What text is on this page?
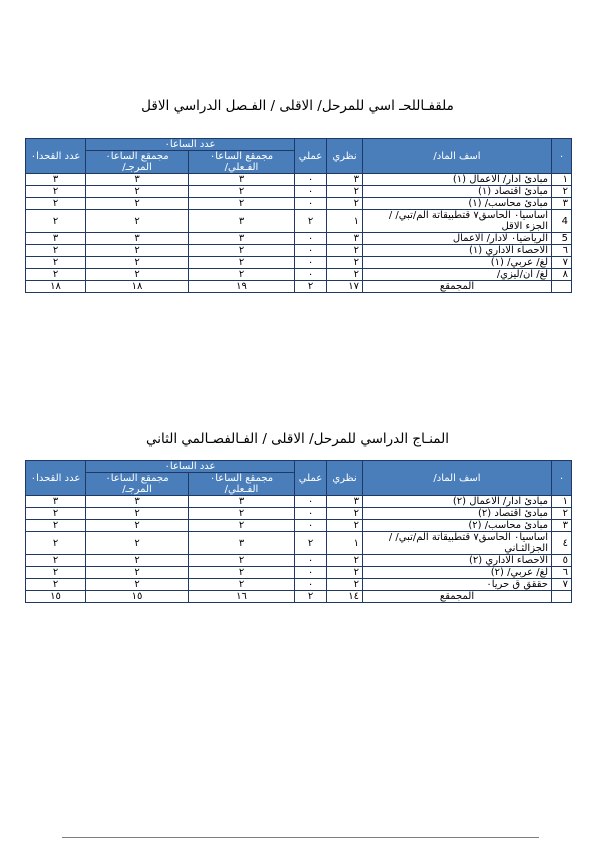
ملقفـاللحـ اسي للمرحل/ الاقلى / الفـصل الدراسي الاقل
٠	اسف الماد/	نظري	عملي	عدد الساعا٠		عدد القحدا٠
				مجمقع الساعا٠ الفـعلي/	مجمقع الساعا٠ المرجـ/	
١	مبادئ ادار/ الاعمال (١)	٣	٠	٣	٣	٣
٢	مبادئ اقتصاد (١)	٢	٠	٢	٢	٢
٣	مبادئ محاسب/ (١)	٢	٠	٢	٢	٢
4	اساسيا٠ الحاسق٧ قتطبيقاتة الم/تبي/ / الجزء الاقل	١	٢	٣	٢	٢
5	الرياضيا٠ لادار/ الاعمال	٣	٠	٣	٣	٣
٦	الاحصاء الاداري (١)	٢	٠	٢	٢	٢
٧	لغ/ عربي/ (١)	٢	٠	٢	٢	٢
٨	لغ/ ان/ليزي/	٢	٠	٢	٢	٢
	المجمقع	١٧	٢	١٩	١٨	١٨
المنـاج الدراسي للمرحل/ الاقلى / الفـالفصـالمي الثاني
٠	اسف الماد/	نظري	عملي	عدد الساعا٠		عدد القحدا٠
				مجمقع الساعا٠ الفـعلي/	مجمقع الساعا٠ المرجـ/	
١	مبادئ ادار/ الاعمال (٢)	٣	٠	٣	٣	٣
٢	مبادئ اقتصاد (٢)	٢	٠	٢	٢	٢
٣	مبادئ محاسب/ (٢)	٢	٠	٢	٢	٢
٤	اساسيا٠ الحاسق٧ قتطبيقاتة الم/تبي/ / الجزالثـاني	١	٢	٣	٢	٢
٥	الاحصاء الاداري (٢)	٢	٠	٢	٢	٢
٦	لغ/ عربي/ (٢)	٢	٠	٢	٢	٢
٧	حققق ق حريا٠	٢	٠	٢	٢	٢
	المجمقع	١٤	٢	١٦	١٥	١٥
